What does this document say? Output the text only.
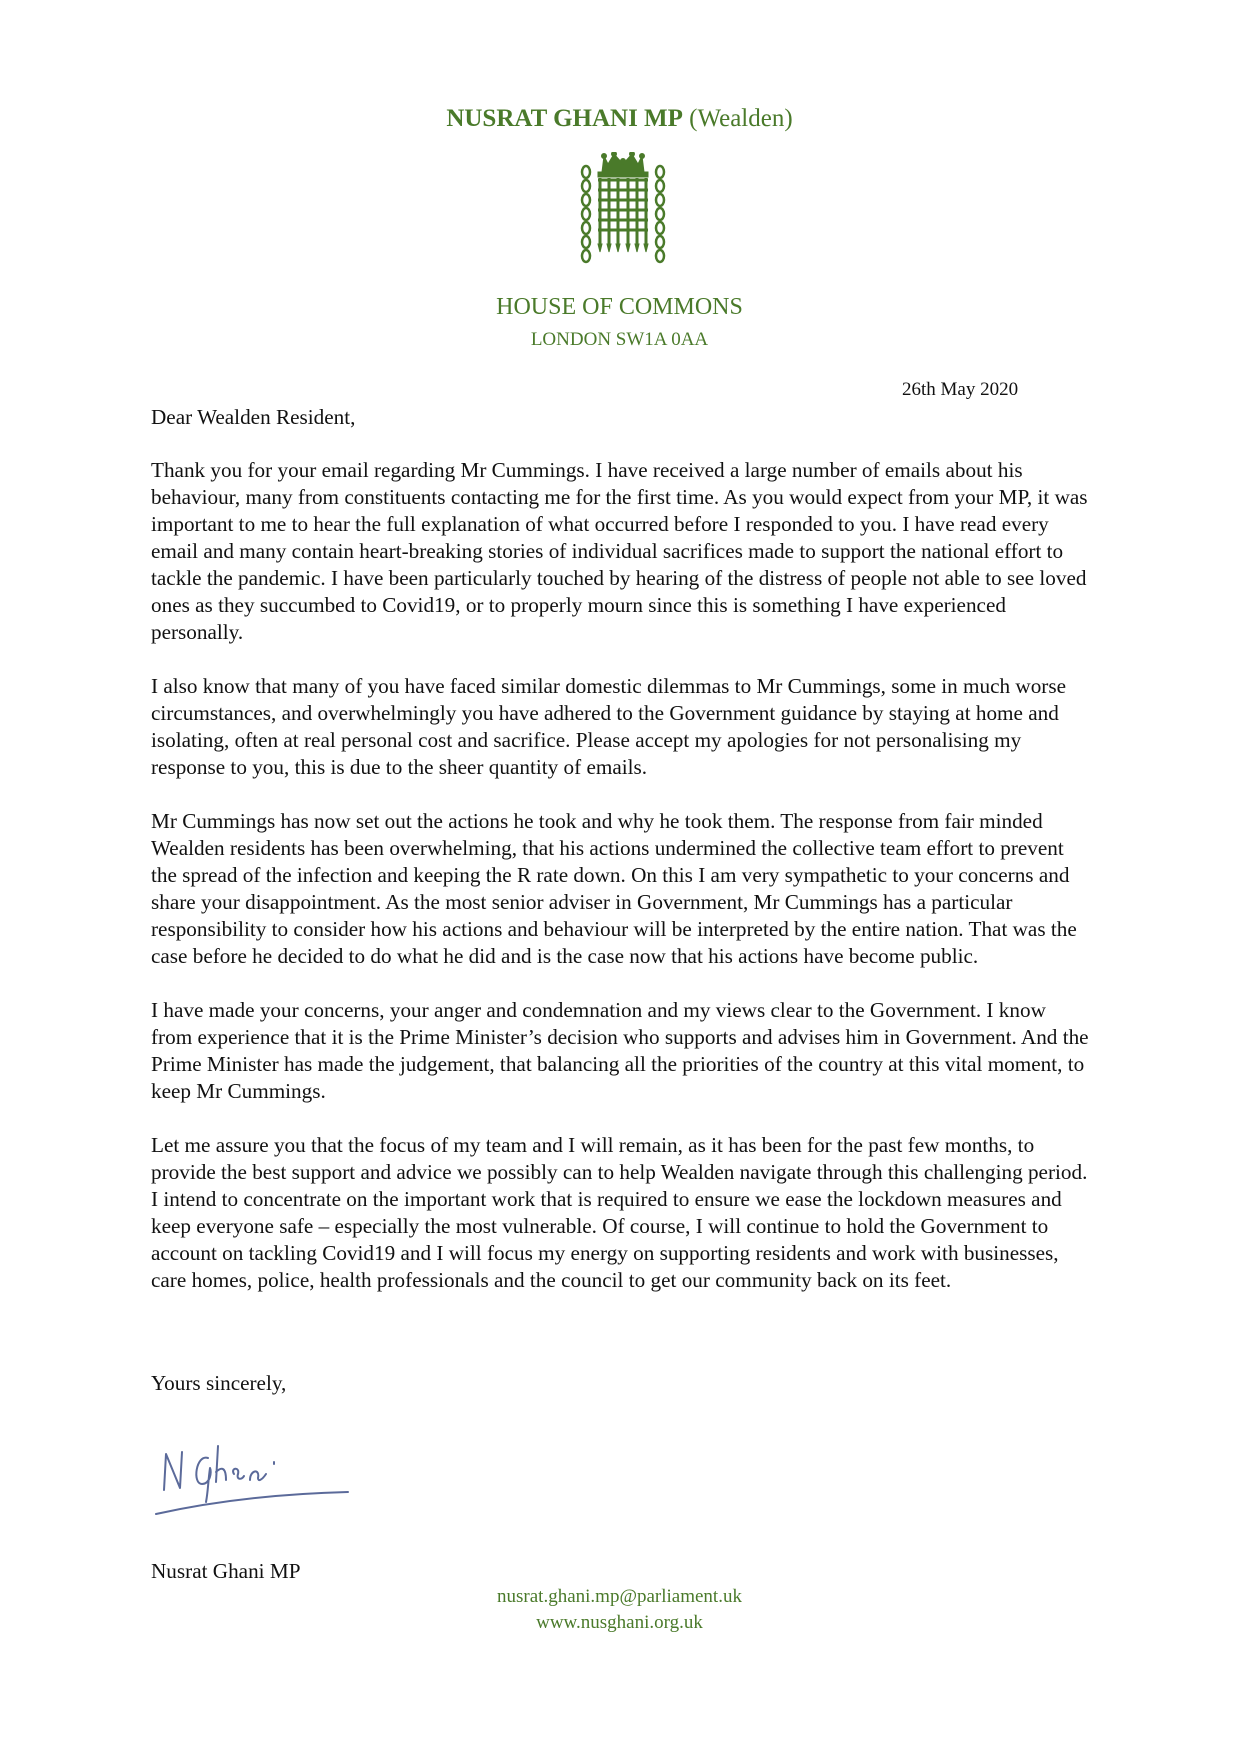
NUSRAT GHANI MP (Wealden)
HOUSE OF COMMONS
LONDON SW1A 0AA
26th May 2020
Dear Wealden Resident,

Thank you for your email regarding Mr Cummings. I have received a large number of emails about his behaviour, many from constituents contacting me for the first time. As you would expect from your MP, it was important to me to hear the full explanation of what occurred before I responded to you. I have read every email and many contain heart-breaking stories of individual sacrifices made to support the national effort to tackle the pandemic. I have been particularly touched by hearing of the distress of people not able to see loved ones as they succumbed to Covid19, or to properly mourn since this is something I have experienced personally.

I also know that many of you have faced similar domestic dilemmas to Mr Cummings, some in much worse circumstances, and overwhelmingly you have adhered to the Government guidance by staying at home and isolating, often at real personal cost and sacrifice. Please accept my apologies for not personalising my response to you, this is due to the sheer quantity of emails.

Mr Cummings has now set out the actions he took and why he took them. The response from fair minded Wealden residents has been overwhelming, that his actions undermined the collective team effort to prevent the spread of the infection and keeping the R rate down. On this I am very sympathetic to your concerns and share your disappointment. As the most senior adviser in Government, Mr Cummings has a particular responsibility to consider how his actions and behaviour will be interpreted by the entire nation. That was the case before he decided to do what he did and is the case now that his actions have become public.

I have made your concerns, your anger and condemnation and my views clear to the Government. I know from experience that it is the Prime Minister’s decision who supports and advises him in Government. And the Prime Minister has made the judgement, that balancing all the priorities of the country at this vital moment, to keep Mr Cummings.

Let me assure you that the focus of my team and I will remain, as it has been for the past few months, to provide the best support and advice we possibly can to help Wealden navigate through this challenging period. I intend to concentrate on the important work that is required to ensure we ease the lockdown measures and keep everyone safe – especially the most vulnerable. Of course, I will continue to hold the Government to account on tackling Covid19 and I will focus my energy on supporting residents and work with businesses, care homes, police, health professionals and the council to get our community back on its feet.

Yours sincerely,
Nusrat Ghani MP
nusrat.ghani.mp@parliament.uk
www.nusghani.org.uk
